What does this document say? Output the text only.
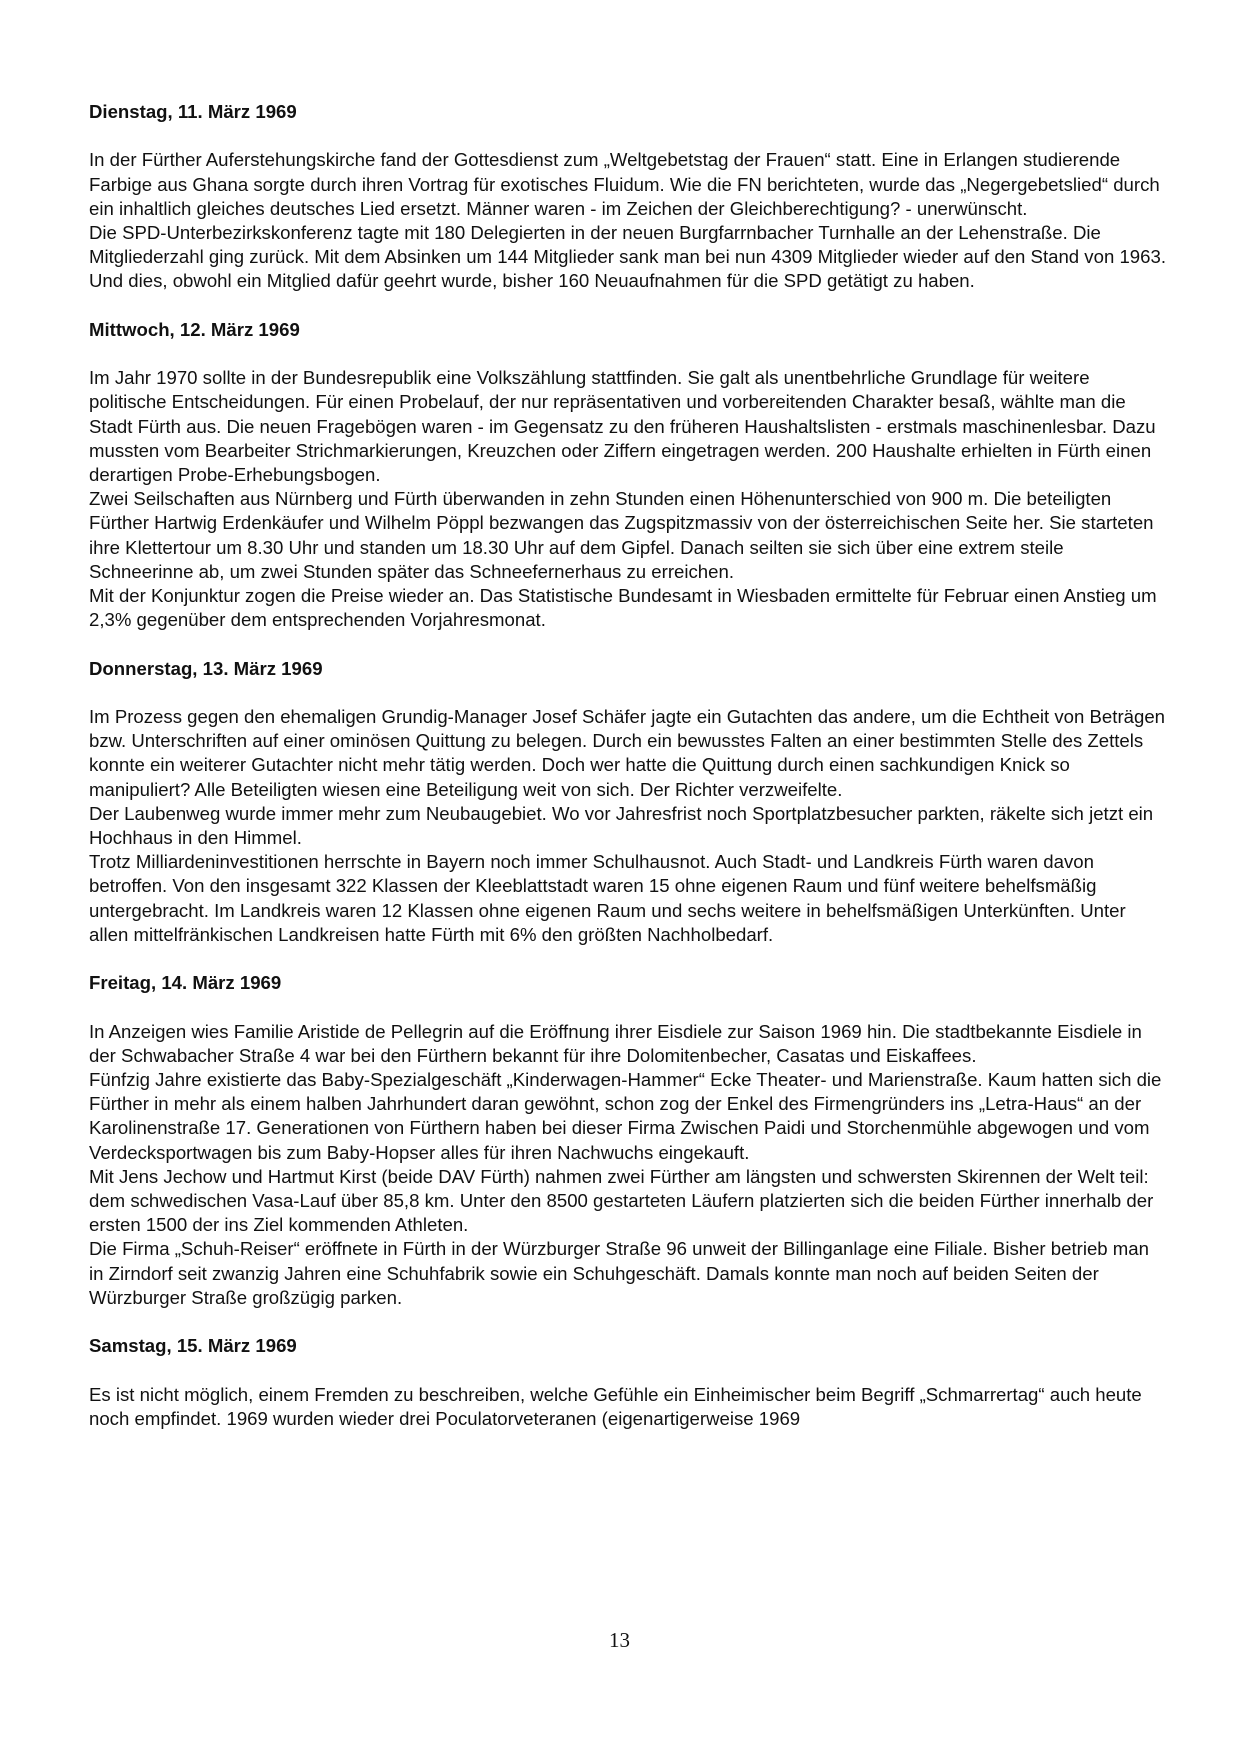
Dienstag, 11. März 1969

In der Fürther Auferstehungskirche fand der Gottesdienst zum „Weltgebetstag der Frauen“ statt. Eine in Erlangen studierende Farbige aus Ghana sorgte durch ihren Vortrag für exotisches Fluidum. Wie die FN berichteten, wurde das „Negergebetslied“ durch ein inhaltlich gleiches deutsches Lied ersetzt. Männer waren - im Zeichen der Gleichberechtigung? - unerwünscht.
Die SPD-Unterbezirkskonferenz tagte mit 180 Delegierten in der neuen Burgfarrnbacher Turnhalle an der Lehenstraße. Die Mitgliederzahl ging zurück. Mit dem Absinken um 144 Mitglieder sank man bei nun 4309 Mitglieder wieder auf den Stand von 1963. Und dies, obwohl ein Mitglied dafür geehrt wurde, bisher 160 Neuaufnahmen für die SPD getätigt zu haben.

Mittwoch, 12. März 1969

Im Jahr 1970 sollte in der Bundesrepublik eine Volkszählung stattfinden. Sie galt als unentbehrliche Grundlage für weitere politische Entscheidungen. Für einen Probelauf, der nur repräsentativen und vorbereitenden Charakter besaß, wählte man die Stadt Fürth aus. Die neuen Fragebögen waren - im Gegensatz zu den früheren Haushaltslisten - erstmals maschinenlesbar. Dazu mussten vom Bearbeiter Strichmarkierungen, Kreuzchen oder Ziffern eingetragen werden. 200 Haushalte erhielten in Fürth einen derartigen Probe-Erhebungsbogen.
Zwei Seilschaften aus Nürnberg und Fürth überwanden in zehn Stunden einen Höhenunterschied von 900 m. Die beteiligten Fürther Hartwig Erdenkäufer und Wilhelm Pöppl bezwangen das Zugspitzmassiv von der österreichischen Seite her. Sie starteten ihre Klettertour um 8.30 Uhr und standen um 18.30 Uhr auf dem Gipfel. Danach seilten sie sich über eine extrem steile Schneerinne ab, um zwei Stunden später das Schneefernerhaus zu erreichen.
Mit der Konjunktur zogen die Preise wieder an. Das Statistische Bundesamt in Wiesbaden ermittelte für Februar einen Anstieg um 2,3% gegenüber dem entsprechenden Vorjahresmonat.

Donnerstag, 13. März 1969

Im Prozess gegen den ehemaligen Grundig-Manager Josef Schäfer jagte ein Gutachten das andere, um die Echtheit von Beträgen bzw. Unterschriften auf einer ominösen Quittung zu belegen. Durch ein bewusstes Falten an einer bestimmten Stelle des Zettels konnte ein weiterer Gutachter nicht mehr tätig werden. Doch wer hatte die Quittung durch einen sachkundigen Knick so manipuliert? Alle Beteiligten wiesen eine Beteiligung weit von sich. Der Richter verzweifelte.
Der Laubenweg wurde immer mehr zum Neubaugebiet. Wo vor Jahresfrist noch Sportplatzbesucher parkten, räkelte sich jetzt ein Hochhaus in den Himmel.
Trotz Milliardeninvestitionen herrschte in Bayern noch immer Schulhausnot. Auch Stadt- und Landkreis Fürth waren davon betroffen. Von den insgesamt 322 Klassen der Kleeblattstadt waren 15 ohne eigenen Raum und fünf weitere behelfsmäßig untergebracht. Im Landkreis waren 12 Klassen ohne eigenen Raum und sechs weitere in behelfsmäßigen Unterkünften. Unter allen mittelfränkischen Landkreisen hatte Fürth mit 6% den größten Nachholbedarf.

Freitag, 14. März 1969

In Anzeigen wies Familie Aristide de Pellegrin auf die Eröffnung ihrer Eisdiele zur Saison 1969 hin. Die stadtbekannte Eisdiele in der Schwabacher Straße 4 war bei den Fürthern bekannt für ihre Dolomitenbecher, Casatas und Eiskaffees.
Fünfzig Jahre existierte das Baby-Spezialgeschäft „Kinderwagen-Hammer“ Ecke Theater- und Marienstraße. Kaum hatten sich die Fürther in mehr als einem halben Jahrhundert daran gewöhnt, schon zog der Enkel des Firmengründers ins „Letra-Haus“ an der Karolinenstraße 17. Generationen von Fürthern haben bei dieser Firma Zwischen Paidi und Storchenmühle abgewogen und vom Verdecksportwagen bis zum Baby-Hopser alles für ihren Nachwuchs eingekauft.
Mit Jens Jechow und Hartmut Kirst (beide DAV Fürth) nahmen zwei Fürther am längsten und schwersten Skirennen der Welt teil: dem schwedischen Vasa-Lauf über 85,8 km. Unter den 8500 gestarteten Läufern platzierten sich die beiden Fürther innerhalb der ersten 1500 der ins Ziel kommenden Athleten.
Die Firma „Schuh-Reiser“ eröffnete in Fürth in der Würzburger Straße 96 unweit der Billinganlage eine Filiale. Bisher betrieb man in Zirndorf seit zwanzig Jahren eine Schuhfabrik sowie ein Schuhgeschäft. Damals konnte man noch auf beiden Seiten der Würzburger Straße großzügig parken.

Samstag, 15. März 1969

Es ist nicht möglich, einem Fremden zu beschreiben, welche Gefühle ein Einheimischer beim Begriff „Schmarrertag“ auch heute noch empfindet. 1969 wurden wieder drei Poculatorveteranen (eigenartigerweise 1969

13
